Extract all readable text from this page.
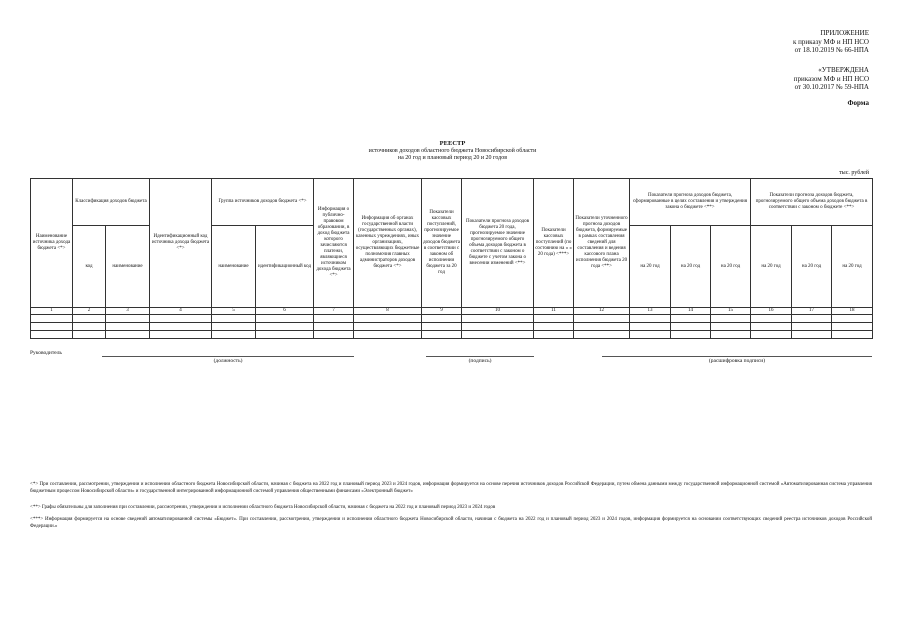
ПРИЛОЖЕНИЕ
к приказу МФ и НП НСО
от 18.10.2019 № 66-НПА
«УТВЕРЖДЕНА
приказом МФ и НП НСО
от 30.10.2017 № 59-НПА
Форма
РЕЕСТР
источников доходов областного бюджета Новосибирской области
на 20 год и плановый период 20 и 20 годов
тыс. рублей
Наименование источника дохода бюджета <*>	Классификация доходов бюджета		Идентификационный код источника дохода бюджета <*>	Группа источников доходов бюджета <*>		Информация о публично-правовом образовании, в доход бюджета которого зачисляются платежи, являющиеся источником дохода бюджета <*>	Информация об органах государственной власти (государственных органах), казенных учреждениях, иных организациях, осуществляющих бюджетные полномочия главных администраторов доходов бюджета <*>	Показатели кассовых поступлений, прогнозируемое значение доходов бюджета в соответствии с законом об исполнении бюджета за 20 год	Показатели прогноза доходов бюджета 20 года, прогнозируемое значение прогнозируемого общего объема доходов бюджета в соответствии с законом о бюджете с учетом закона о внесении изменений <**>	Показатели кассовых поступлений (по состоянию на « » 20 года) <***>	Показатели уточненного прогноза доходов бюджета, формируемые в рамках составления сведений для составления и ведения кассового плана исполнения бюджета 20 года <**>	Показатели прогноза доходов бюджета, сформированные в целях составления и утверждения закона о бюджете <**>			Показатели прогноза доходов бюджета, прогнозируемого общего объема доходов бюджета в соответствии с законом о бюджете <**>		
	код	наименование		наименование	идентификационный код							на 20 год	на 20 год	на 20 год	на 20 год	на 20 год	на 20 год
1	2	3	4	5	6	7	8	9	10	11	12	13	14	15	16	17	18

Руководитель
(должность)	(подпись)	(расшифровка подписи)
<*> При составлении, рассмотрении, утверждении и исполнении областного бюджета Новосибирской области, начиная с бюджета на 2022 год и плановый период 2023 и 2024 годов, информация формируется на основе перечня источников доходов Российской Федерации, путем обмена данными между государственной информационной системой «Автоматизированная система управления бюджетным процессом Новосибирской области» и государственной интегрированной информационной системой управления общественными финансами «Электронный бюджет»
<**> Графы обязательны для заполнения при составлении, рассмотрении, утверждении и исполнении областного бюджета Новосибирской области, начиная с бюджета на 2022 год и плановый период 2023 и 2024 годов
<***> Информация формируется на основе сведений автоматизированной системы «Бюджет». При составлении, рассмотрении, утверждении и исполнении областного бюджета Новосибирской области, начиная с бюджета на 2022 год и плановый период 2023 и 2024 годов, информация формируется на основании соответствующих сведений реестра источников доходов Российской Федерации.»
